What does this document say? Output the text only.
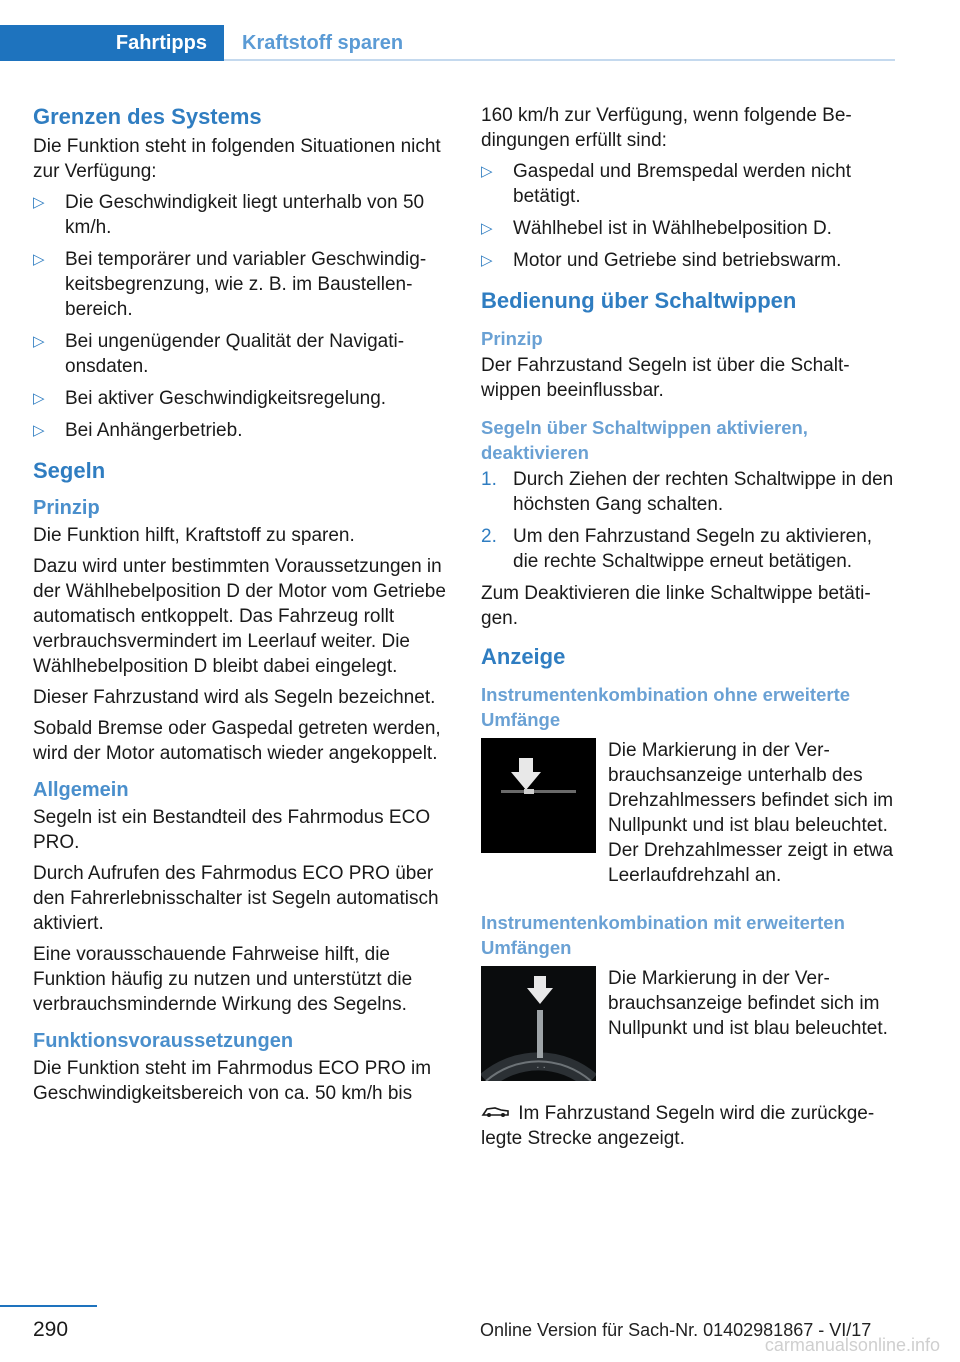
Fahrtipps Kraftstoff sparen
Grenzen des Systems

Die Funktion steht in folgenden Situationen nicht zur Verfügung:

▷ Die Geschwindigkeit liegt unterhalb von 50 km/h.
▷ Bei temporärer und variabler Geschwindigkeitsbegrenzung, wie z. B. im Baustellenbereich.
▷ Bei ungenügender Qualität der Navigationsdaten.
▷ Bei aktiver Geschwindigkeitsregelung.
▷ Bei Anhängerbetrieb.
Segeln
Prinzip

Die Funktion hilft, Kraftstoff zu sparen.

Dazu wird unter bestimmten Voraussetzungen in der Wählhebelposition D der Motor vom Getriebe automatisch entkoppelt. Das Fahrzeug rollt verbrauchsvermindert im Leerlauf weiter. Die Wählhebelposition D bleibt dabei eingelegt.

Dieser Fahrzustand wird als Segeln bezeichnet.

Sobald Bremse oder Gaspedal getreten werden, wird der Motor automatisch wieder angekoppelt.

Allgemein

Segeln ist ein Bestandteil des Fahrmodus ECO PRO.

Durch Aufrufen des Fahrmodus ECO PRO über den Fahrerlebnisschalter ist Segeln automatisch aktiviert.

Eine vorausschauende Fahrweise hilft, die Funktion häufig zu nutzen und unterstützt die verbrauchsmindernde Wirkung des Segelns.

Funktionsvoraussetzungen

Die Funktion steht im Fahrmodus ECO PRO im Geschwindigkeitsbereich von ca. 50 km/h bis

160 km/h zur Verfügung, wenn folgende Bedingungen erfüllt sind:

▷ Gaspedal und Bremspedal werden nicht betätigt.
▷ Wählhebel ist in Wählhebelposition D.
▷ Motor und Getriebe sind betriebswarm.
Bedienung über Schaltwippen
Prinzip

Der Fahrzustand Segeln ist über die Schaltwippen beeinflussbar.

Segeln über Schaltwippen aktivieren, deaktivieren
1. Durch Ziehen der rechten Schaltwippe in den höchsten Gang schalten.
2. Um den Fahrzustand Segeln zu aktivieren, die rechte Schaltwippe erneut betätigen.

Zum Deaktivieren die linke Schaltwippe betätigen.

Anzeige
Instrumentenkombination ohne erweiterte Umfänge
Die Markierung in der Verbrauchsanzeige unterhalb des Drehzahlmessers befindet sich im Nullpunkt und ist blau beleuchtet. Der Drehzahlmesser zeigt in etwa Leerlaufdrehzahl an.
Instrumentenkombination mit erweiterten Umfängen
· ·
Die Markierung in der Verbrauchsanzeige befindet sich im Nullpunkt und ist blau beleuchtet.

Im Fahrzustand Segeln wird die zurückgelegte Strecke angezeigt.

290	Online Version für Sach-Nr. 01402981867 - VI/17
carmanualsonline.info
